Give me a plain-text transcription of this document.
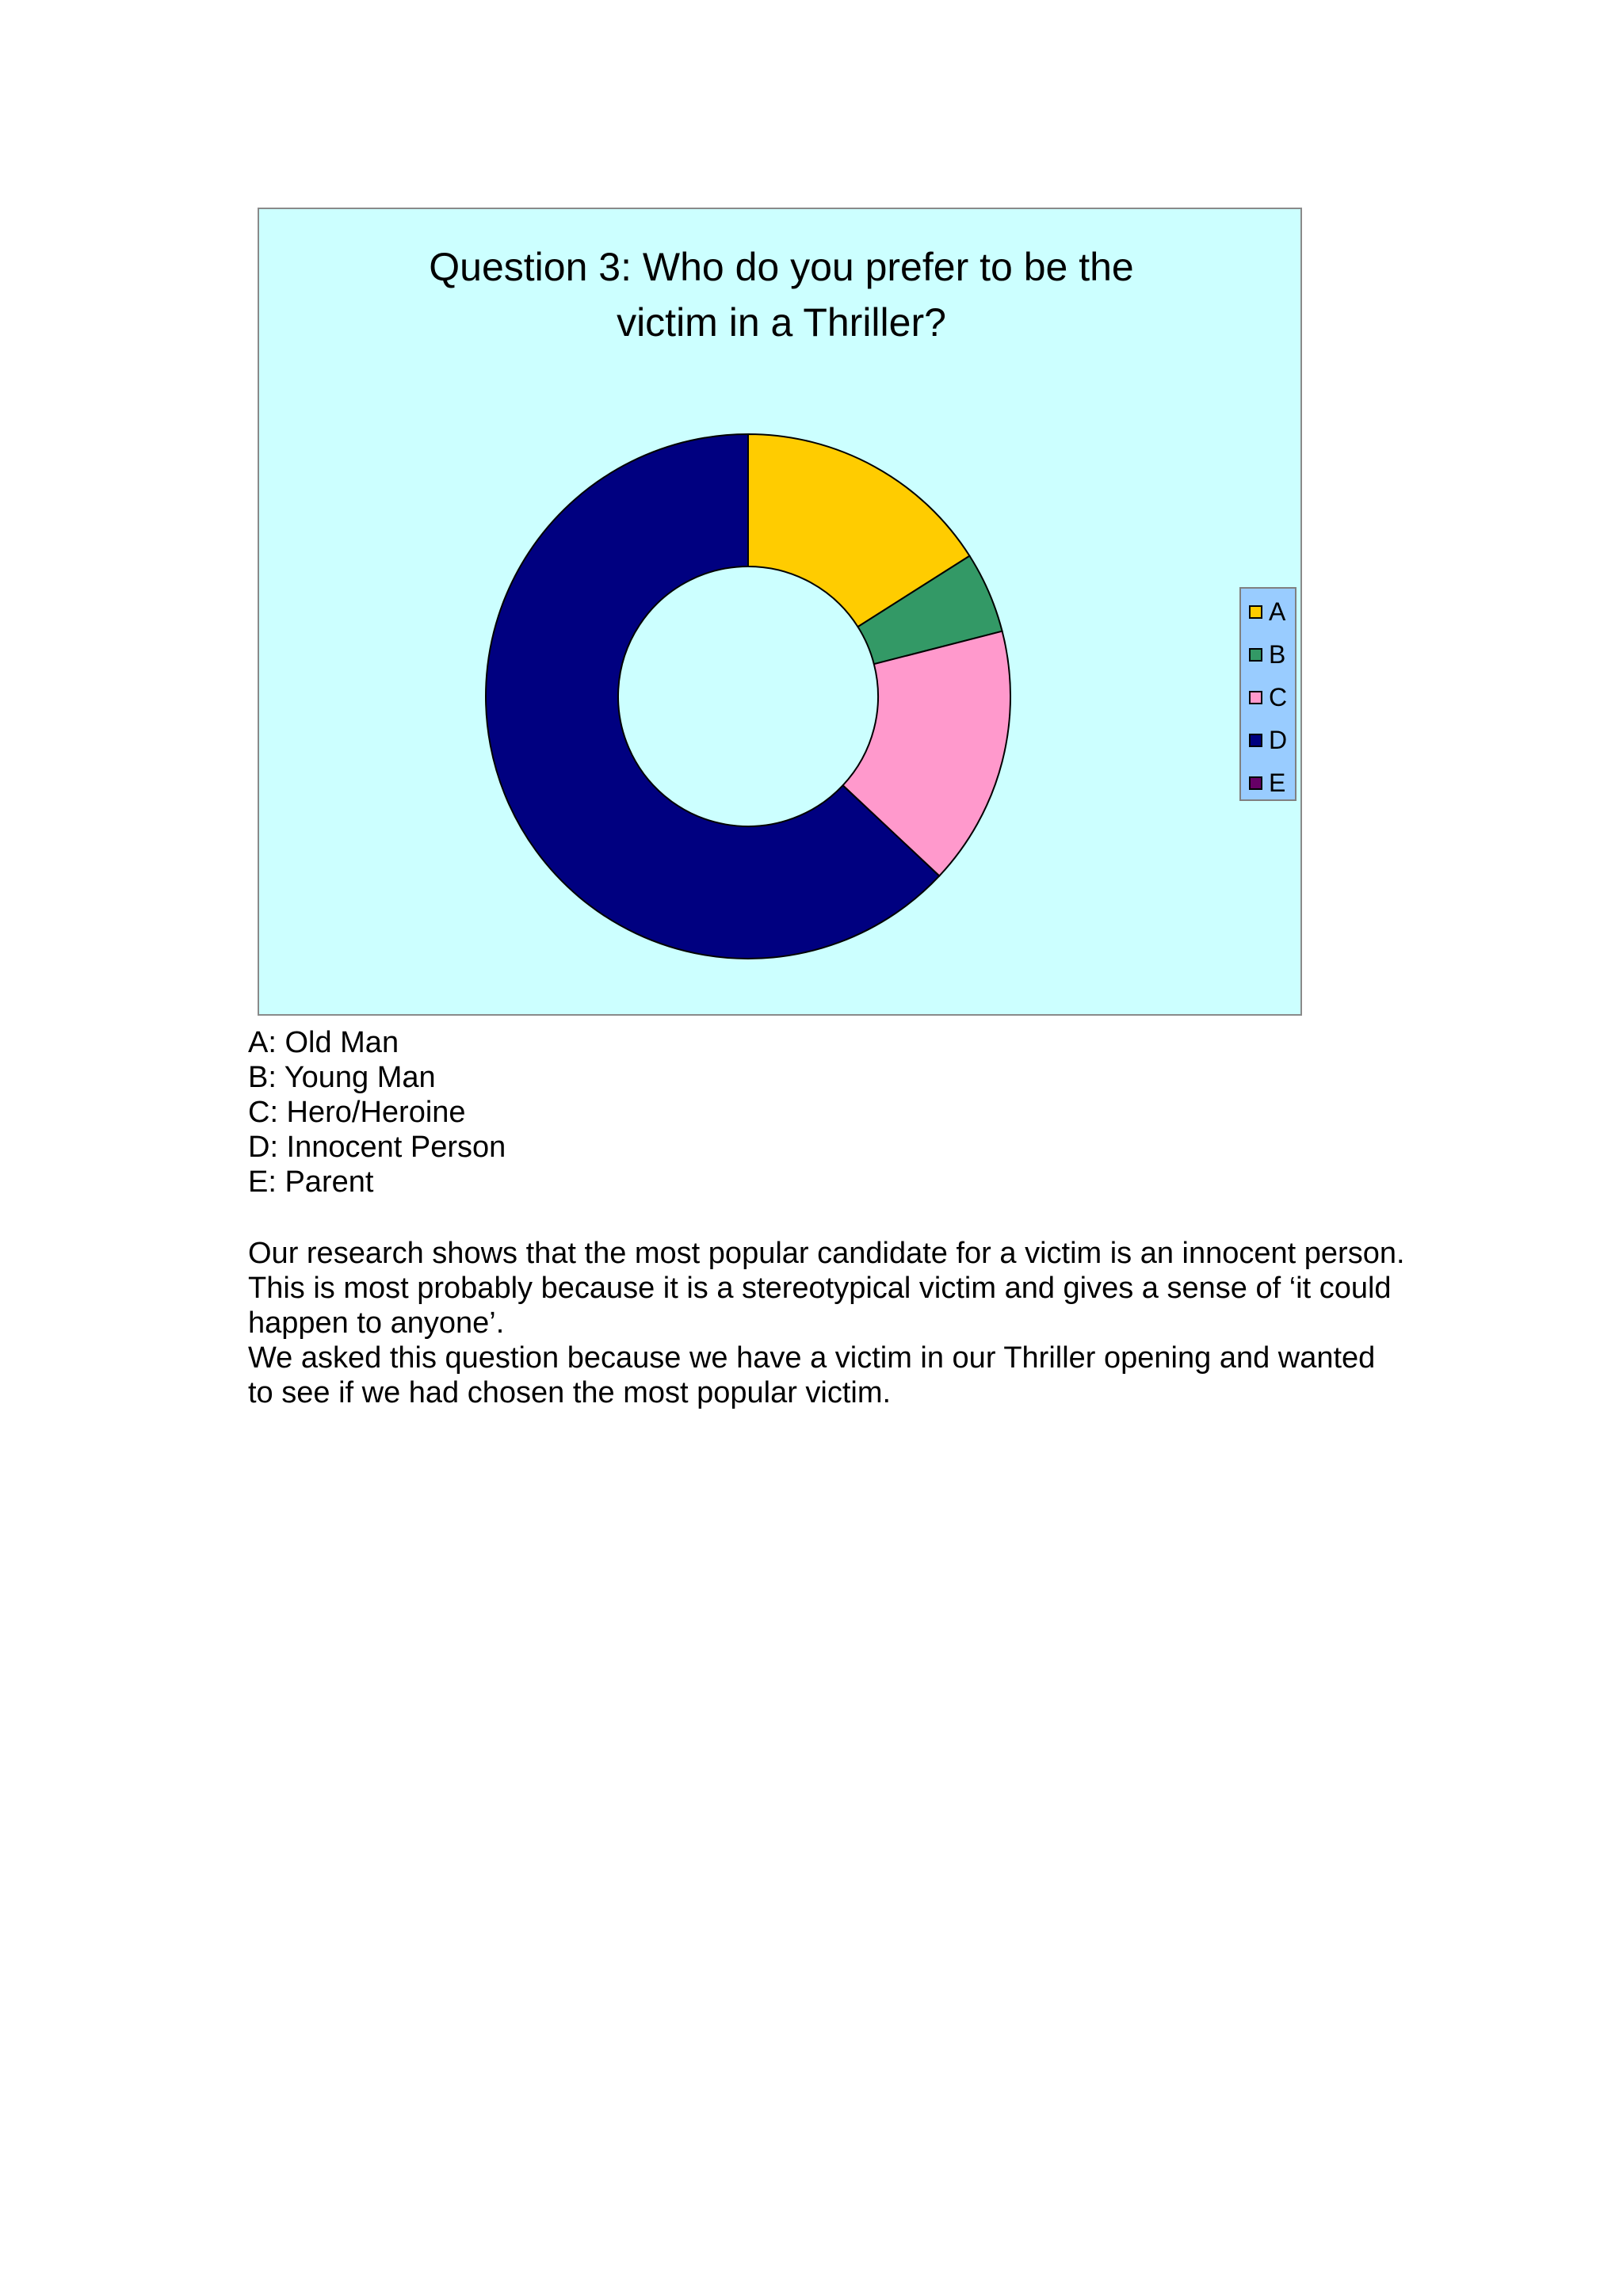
Question 3: Who do you prefer to be the
victim in a Thriller?
A
B
C
D
E
A: Old Man
B: Young Man
C: Hero/Heroine
D: Innocent Person
E: Parent

Our research shows that the most popular candidate for a victim is an innocent person. This is most probably because it is a stereotypical victim and gives a sense of ‘it could happen to anyone’.

We asked this question because we have a victim in our Thriller opening and wanted to see if we had chosen the most popular victim.
